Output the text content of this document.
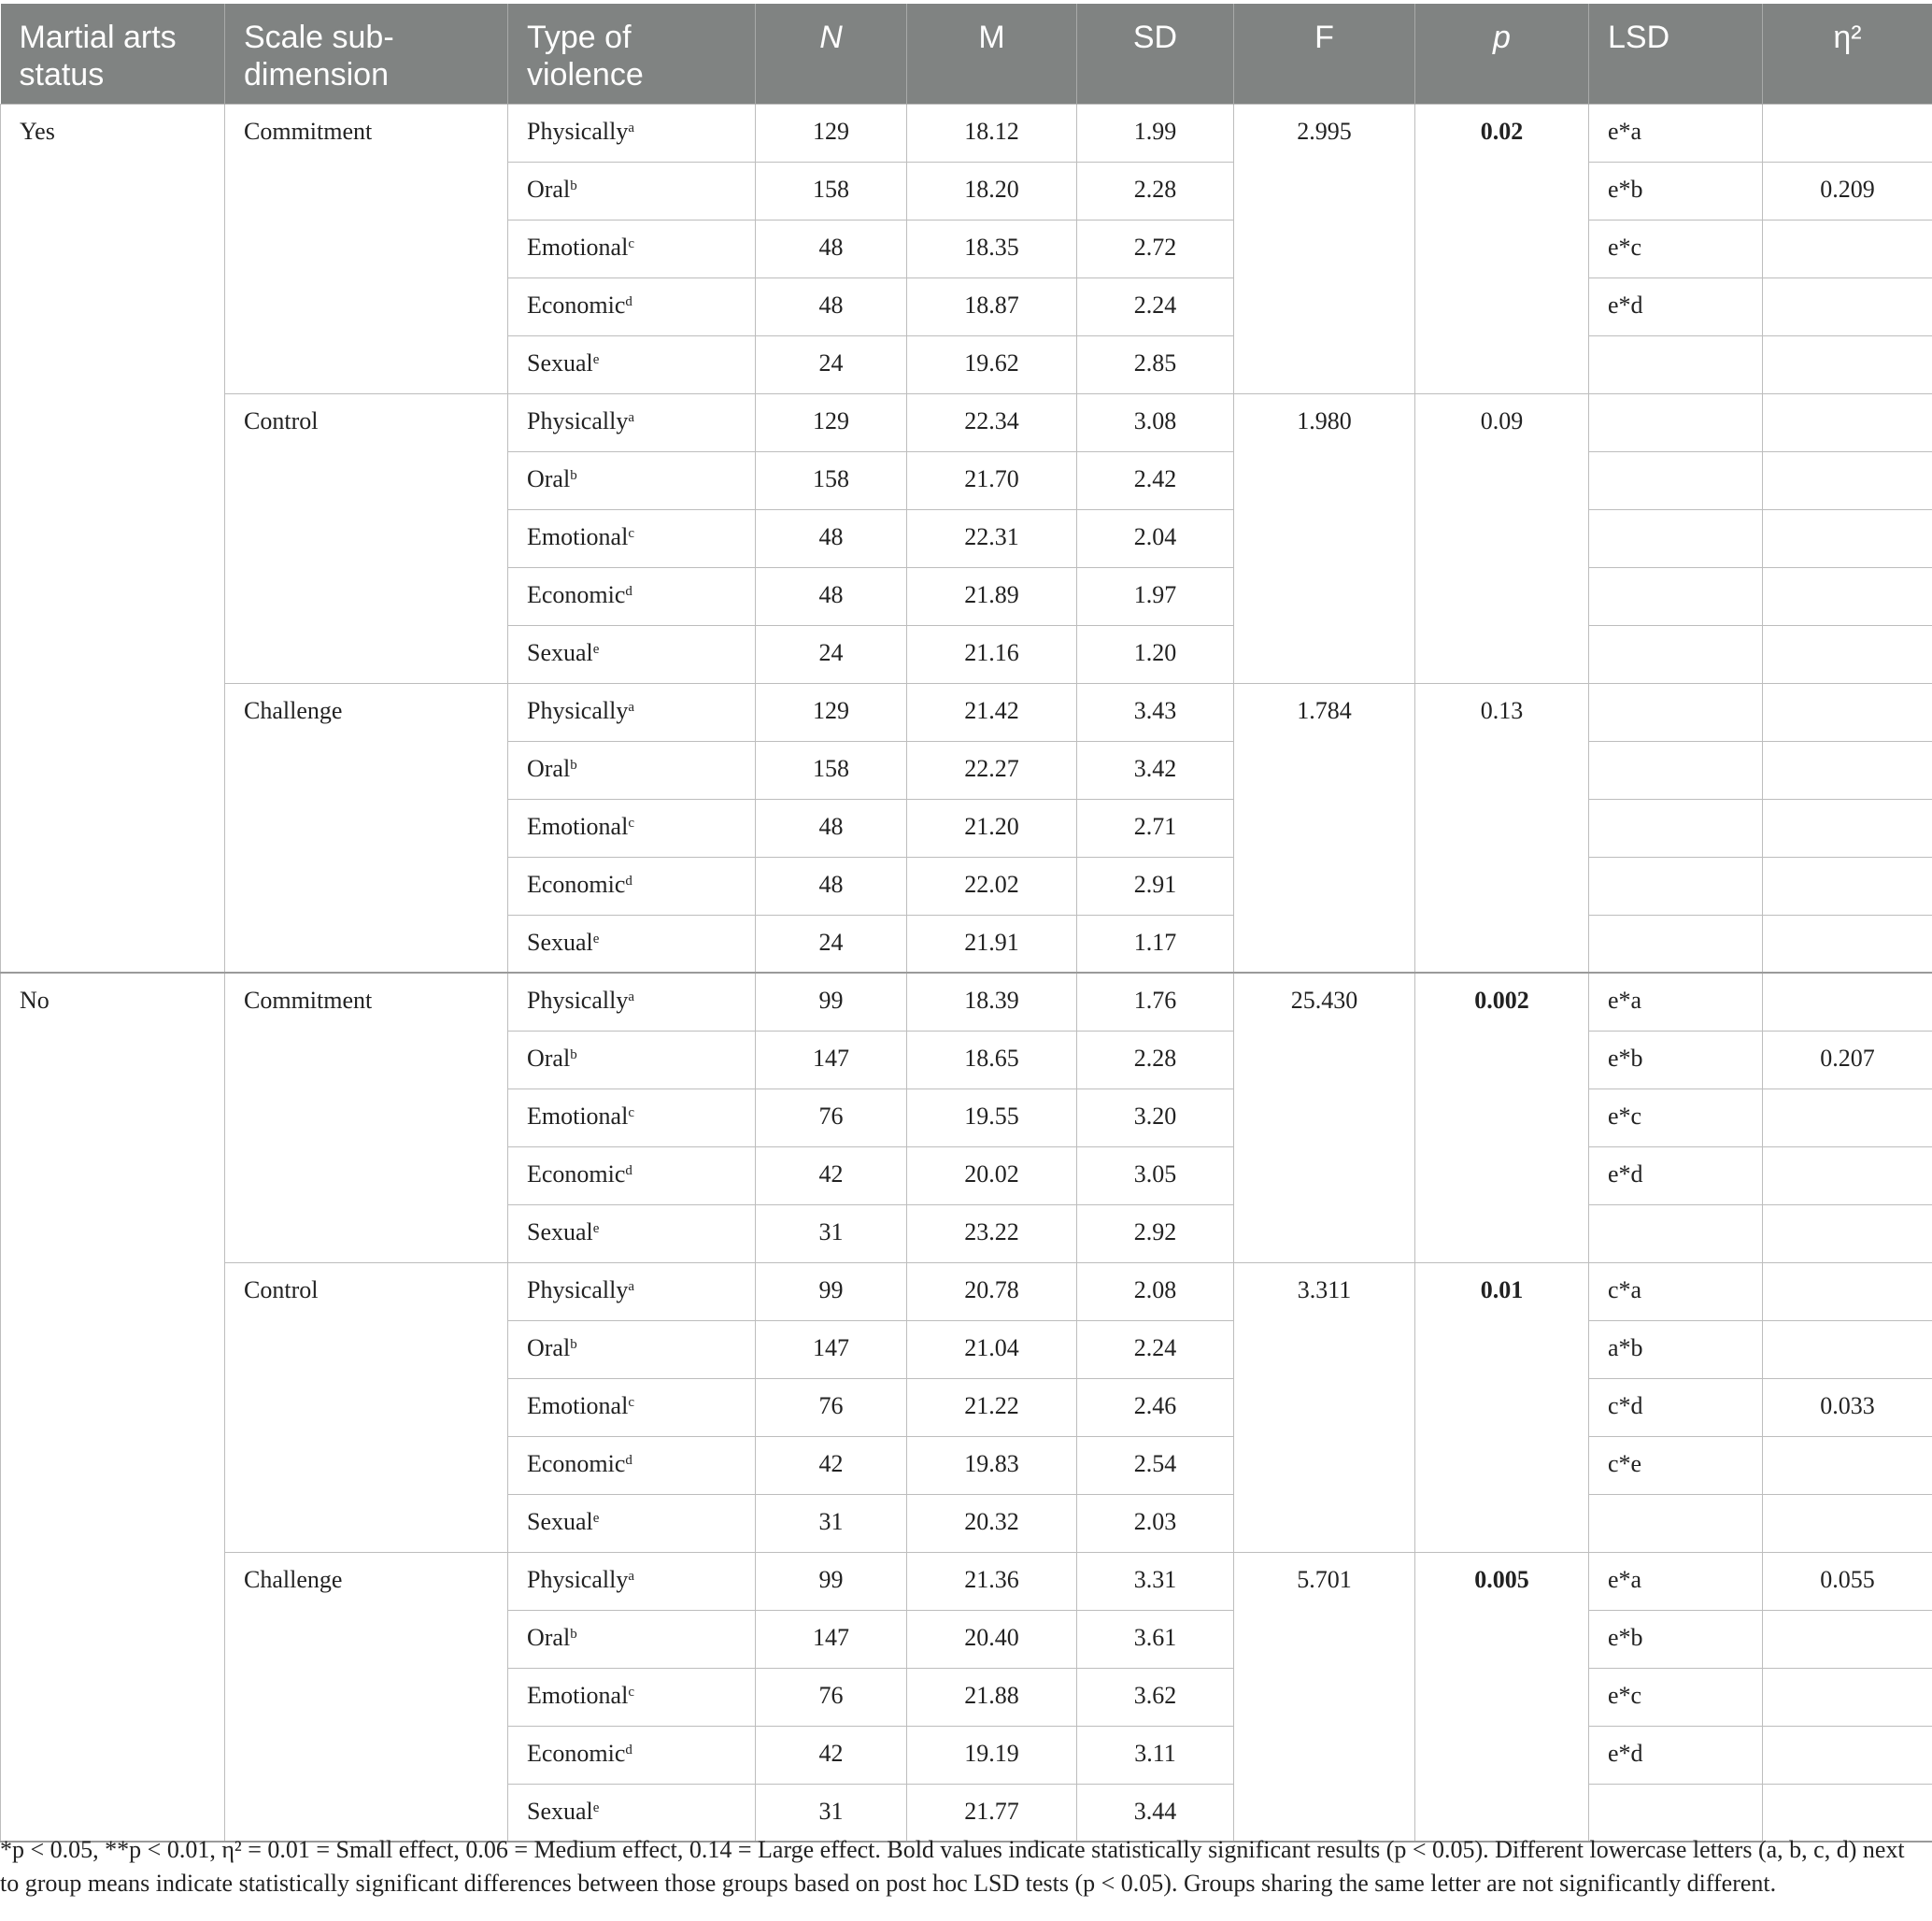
Martial arts status	Scale sub-dimension	Type of violence	N	M	SD	F	p	LSD	η²
Yes	Commitment	Physically$^a$	129	18.12	1.99	2.995	0.02	e*a	
		Oral$^b$	158	18.20	2.28			e*b	0.209
		Emotional$^c$	48	18.35	2.72			e*c	
		Economic$^d$	48	18.87	2.24			e*d	
		Sexual$^e$	24	19.62	2.85				
	Control	Physically$^a$	129	22.34	3.08	1.980	0.09		
		Oral$^b$	158	21.70	2.42				
		Emotional$^c$	48	22.31	2.04				
		Economic$^d$	48	21.89	1.97				
		Sexual$^e$	24	21.16	1.20				
	Challenge	Physically$^a$	129	21.42	3.43	1.784	0.13		
		Oral$^b$	158	22.27	3.42				
		Emotional$^c$	48	21.20	2.71				
		Economic$^d$	48	22.02	2.91				
		Sexual$^e$	24	21.91	1.17				
No	Commitment	Physically$^a$	99	18.39	1.76	25.430	0.002	e*a	
		Oral$^b$	147	18.65	2.28			e*b	0.207
		Emotional$^c$	76	19.55	3.20			e*c	
		Economic$^d$	42	20.02	3.05			e*d	
		Sexual$^e$	31	23.22	2.92				
	Control	Physically$^a$	99	20.78	2.08	3.311	0.01	c*a	
		Oral$^b$	147	21.04	2.24			a*b	
		Emotional$^c$	76	21.22	2.46			c*d	0.033
		Economic$^d$	42	19.83	2.54			c*e	
		Sexual$^e$	31	20.32	2.03				
	Challenge	Physically$^a$	99	21.36	3.31	5.701	0.005	e*a	0.055
		Oral$^b$	147	20.40	3.61			e*b	
		Emotional$^c$	76	21.88	3.62			e*c	
		Economic$^d$	42	19.19	3.11			e*d	
		Sexual$^e$	31	21.77	3.44				
*p < 0.05, **p < 0.01, η² = 0.01 = Small effect, 0.06 = Medium effect, 0.14 = Large effect. Bold values indicate statistically significant results (p < 0.05). Different lowercase letters (a, b, c, d) next to group means indicate statistically significant differences between those groups based on post hoc LSD tests (p < 0.05). Groups sharing the same letter are not significantly different.
